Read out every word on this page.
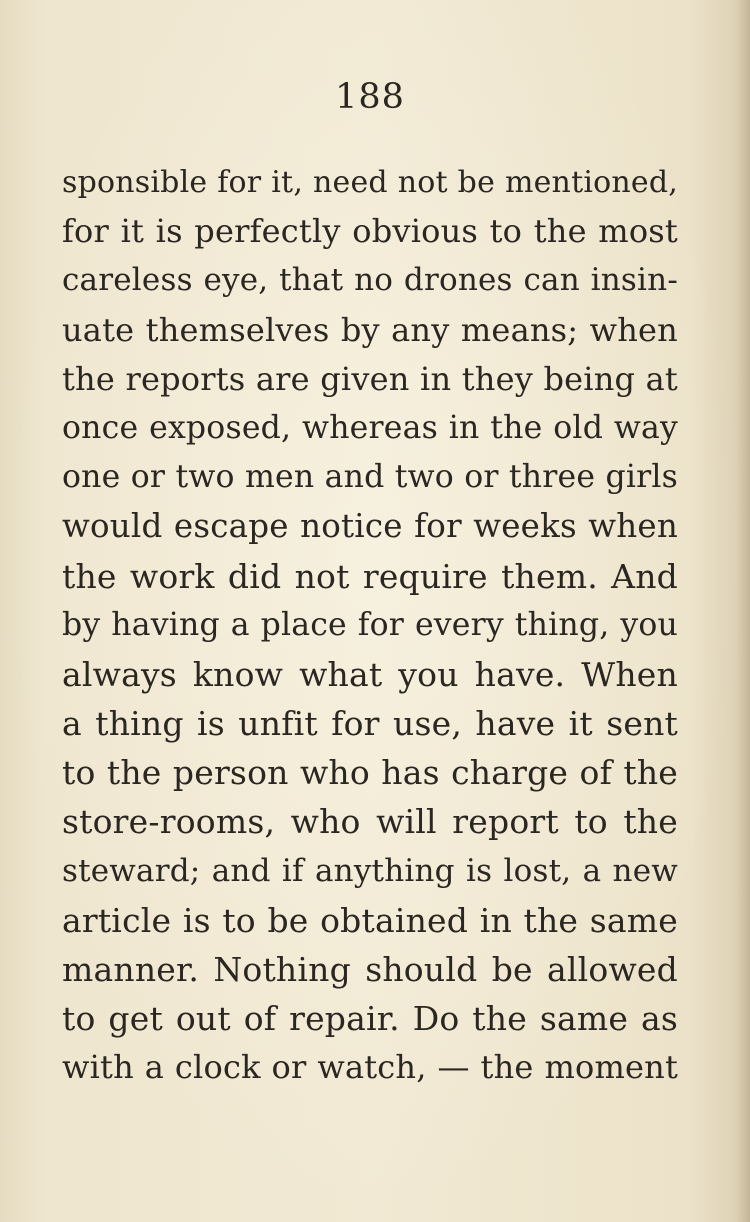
188
sponsible for it, need not be mentioned,
for it is perfectly obvious to the most
careless eye, that no drones can insin-
uate themselves by any means; when
the reports are given in they being at
once exposed, whereas in the old way
one or two men and two or three girls
would escape notice for weeks when
the work did not require them. And
by having a place for every thing, you
always know what you have. When
a thing is unfit for use, have it sent
to the person who has charge of the
store-rooms, who will report to the
steward; and if anything is lost, a new
article is to be obtained in the same
manner. Nothing should be allowed
to get out of repair. Do the same as
with a clock or watch, — the moment
